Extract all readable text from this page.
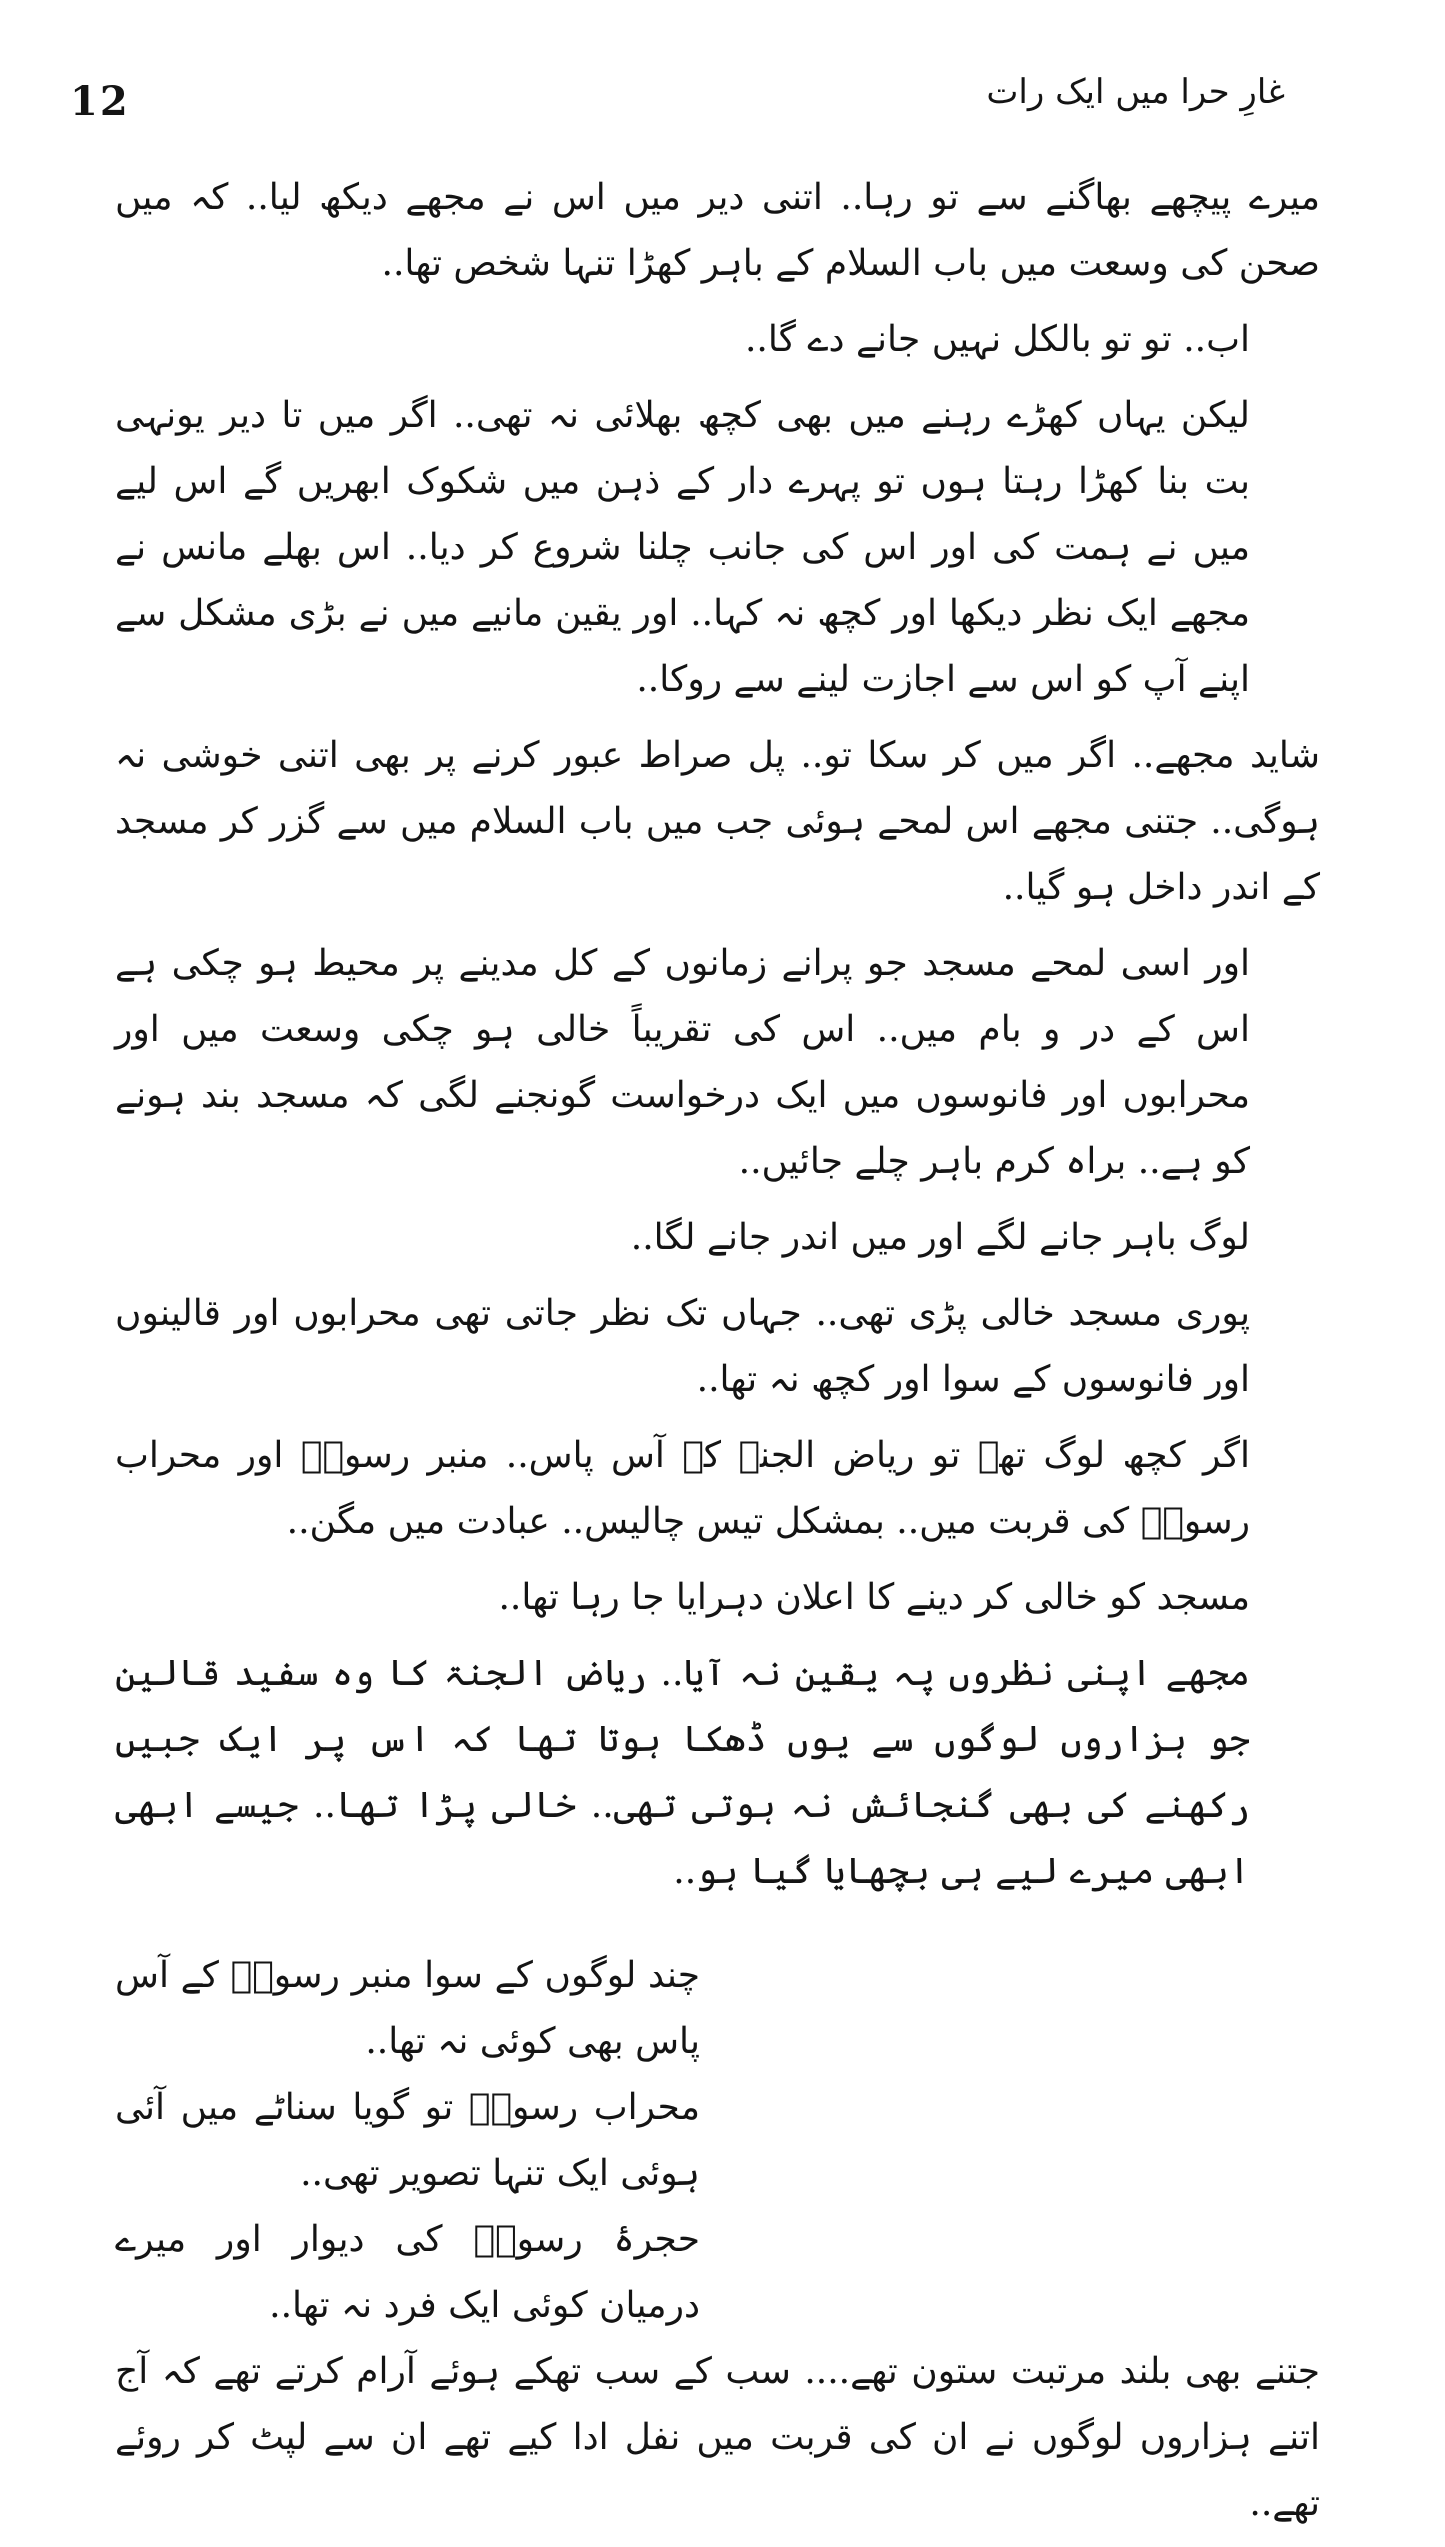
12	غارِ حرا میں ایک رات

میرے پیچھے بھاگنے سے تو رہا.. اتنی دیر میں اس نے مجھے دیکھ لیا.. کہ میں صحن کی وسعت میں باب السلام کے باہر کھڑا تنہا شخص تھا..

اب.. تو تو بالکل نہیں جانے دے گا..

لیکن یہاں کھڑے رہنے میں بھی کچھ بھلائی نہ تھی.. اگر میں تا دیر یونہی بت بنا کھڑا رہتا ہوں تو پہرے دار کے ذہن میں شکوک ابھریں گے اس لیے میں نے ہمت کی اور اس کی جانب چلنا شروع کر دیا.. اس بھلے مانس نے مجھے ایک نظر دیکھا اور کچھ نہ کہا.. اور یقین مانیے میں نے بڑی مشکل سے اپنے آپ کو اس سے اجازت لینے سے روکا..

شاید مجھے.. اگر میں کر سکا تو.. پل صراط عبور کرنے پر بھی اتنی خوشی نہ ہوگی.. جتنی مجھے اس لمحے ہوئی جب میں باب السلام میں سے گزر کر مسجد کے اندر داخل ہو گیا..

اور اسی لمحے مسجد جو پرانے زمانوں کے کل مدینے پر محیط ہو چکی ہے اس کے در و بام میں.. اس کی تقریباً خالی ہو چکی وسعت میں اور محرابوں اور فانوسوں میں ایک درخواست گونجنے لگی کہ مسجد بند ہونے کو ہے.. براہ کرم باہر چلے جائیں..

لوگ باہر جانے لگے اور میں اندر جانے لگا..

پوری مسجد خالی پڑی تھی.. جہاں تک نظر جاتی تھی محرابوں اور قالینوں اور فانوسوں کے سوا اور کچھ نہ تھا..

اگر کچھ لوگ تھے تو ریاض الجنۃ کے آس پاس.. منبر رسولؐ اور محراب رسولؐ کی قربت میں.. بمشکل تیس چالیس.. عبادت میں مگن..

مسجد کو خالی کر دینے کا اعلان دہرایا جا رہا تھا..

مجھے اپنی نظروں پہ یقین نہ آیا.. ریاض الجنۃ کا وہ سفید قالین جو ہزاروں لوگوں سے یوں ڈھکا ہوتا تھا کہ اس پر ایک جبیں رکھنے کی بھی گنجائش نہ ہوتی تھی.. خالی پڑا تھا.. جیسے ابھی ابھی میرے لیے ہی بچھایا گیا ہو..

چند لوگوں کے سوا منبر رسولؐ کے آس پاس بھی کوئی نہ تھا..

محراب رسولؐ تو گویا سناٹے میں آئی ہوئی ایک تنہا تصویر تھی..

حجرۂ رسولؐ کی دیوار اور میرے درمیان کوئی ایک فرد نہ تھا..

جتنے بھی بلند مرتبت ستون تھے.... سب کے سب تھکے ہوئے آرام کرتے تھے کہ آج اتنے ہزاروں لوگوں نے ان کی قربت میں نفل ادا کیے تھے ان سے لپٹ کر روئے تھے..
